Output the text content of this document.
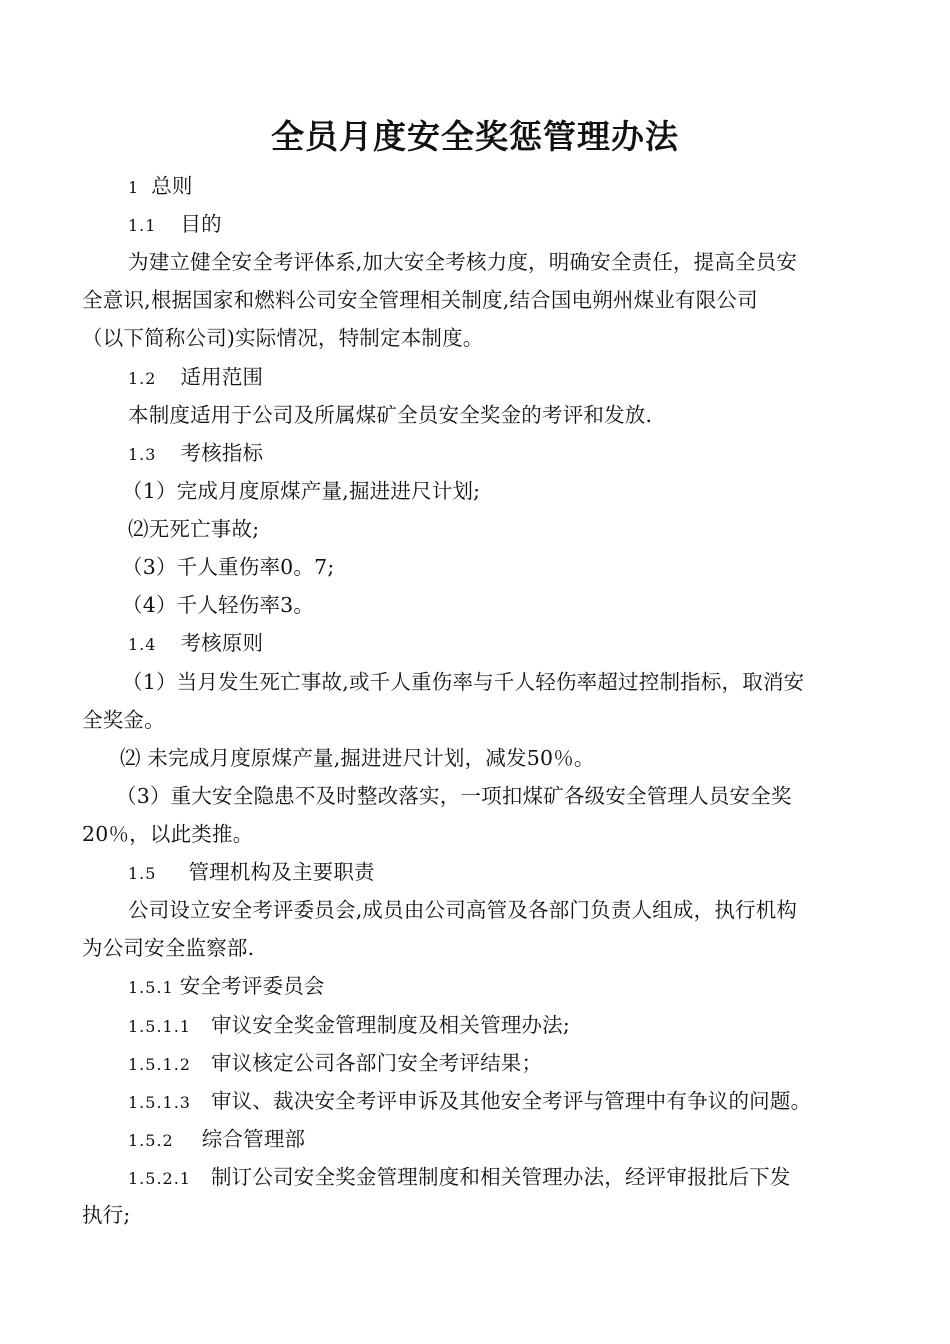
全员月度安全奖惩管理办法
1 总则
1.1 目的
为建立健全安全考评体系,加大安全考核力度，明确安全责任，提高全员安
全意识,根据国家和燃料公司安全管理相关制度,结合国电朔州煤业有限公司
（以下简称公司)实际情况，特制定本制度。
1.2 适用范围
本制度适用于公司及所属煤矿全员安全奖金的考评和发放.
1.3 考核指标
（1）完成月度原煤产量,掘进进尺计划;
⑵无死亡事故;
（3）千人重伤率0。7;
（4）千人轻伤率3。
1.4 考核原则
（1）当月发生死亡事故,或千人重伤率与千人轻伤率超过控制指标，取消安
全奖金。
⑵ 未完成月度原煤产量,掘进进尺计划，减发50％。
（3）重大安全隐患不及时整改落实，一项扣煤矿各级安全管理人员安全奖
20％，以此类推。
1.5 管理机构及主要职责
公司设立安全考评委员会,成员由公司高管及各部门负责人组成，执行机构
为公司安全监察部.
1.5.1 安全考评委员会
1.5.1.1 审议安全奖金管理制度及相关管理办法;
1.5.1.2 审议核定公司各部门安全考评结果；
1.5.1.3 审议、裁决安全考评申诉及其他安全考评与管理中有争议的问题。
1.5.2 综合管理部
1.5.2.1 制订公司安全奖金管理制度和相关管理办法，经评审报批后下发
执行;
